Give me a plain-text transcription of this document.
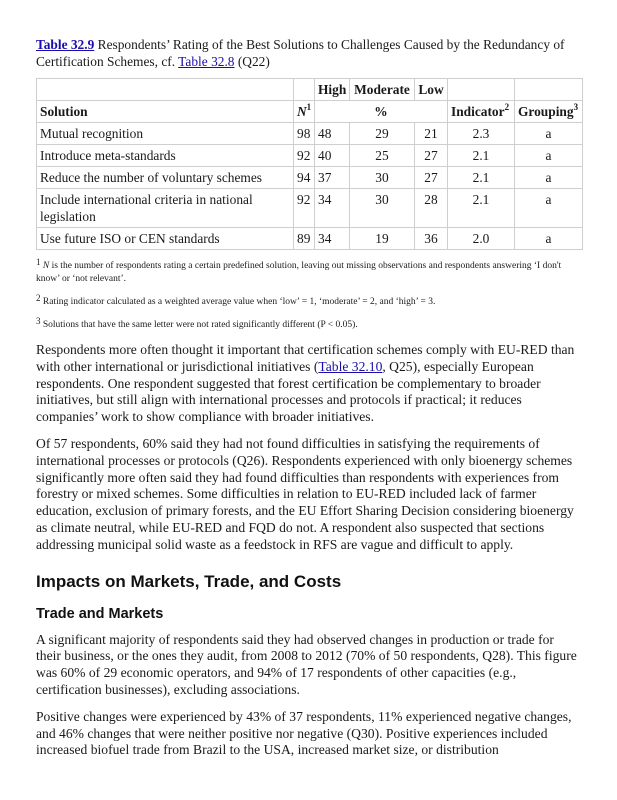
Table 32.9 Respondents’ Rating of the Best Solutions to Challenges Caused by the Redundancy of Certification Schemes, cf. Table 32.8 (Q22)

		High	Moderate	Low		
Solution	$N^1$	%			Indicator$^2$	Grouping$^3$
Mutual recognition	98	48	29	21	2.3	a
Introduce meta-standards	92	40	25	27	2.1	a
Reduce the number of voluntary schemes	94	37	30	27	2.1	a
Include international criteria in national legislation	92	34	30	28	2.1	a
Use future ISO or CEN standards	89	34	19	36	2.0	a

$^1$ N is the number of respondents rating a certain predefined solution, leaving out missing observations and respondents answering ‘I don't know’ or ‘not relevant’.

$^2$ Rating indicator calculated as a weighted average value when ‘low’ = 1, ‘moderate’ = 2, and ‘high’ = 3.

$^3$ Solutions that have the same letter were not rated significantly different (P < 0.05).

Respondents more often thought it important that certification schemes comply with EU-RED than with other international or jurisdictional initiatives (Table 32.10, Q25), especially European respondents. One respondent suggested that forest certification be complementary to broader initiatives, but still align with international processes and protocols if practical; it reduces companies’ work to show compliance with broader initiatives.

Of 57 respondents, 60% said they had not found difficulties in satisfying the requirements of international processes or protocols (Q26). Respondents experienced with only bioenergy schemes significantly more often said they had found difficulties than respondents with experiences from forestry or mixed schemes. Some difficulties in relation to EU-RED included lack of farmer education, exclusion of primary forests, and the EU Effort Sharing Decision considering bioenergy as climate neutral, while EU-RED and FQD do not. A respondent also suspected that sections addressing municipal solid waste as a feedstock in RFS are vague and difficult to apply.

Impacts on Markets, Trade, and Costs
Trade and Markets

A significant majority of respondents said they had observed changes in production or trade for their business, or the ones they audit, from 2008 to 2012 (70% of 50 respondents, Q28). This figure was 60% of 29 economic operators, and 94% of 17 respondents of other capacities (e.g., certification businesses), excluding associations.

Positive changes were experienced by 43% of 37 respondents, 11% experienced negative changes, and 46% changes that were neither positive nor negative (Q30). Positive experiences included increased biofuel trade from Brazil to the USA, increased market size, or distribution
